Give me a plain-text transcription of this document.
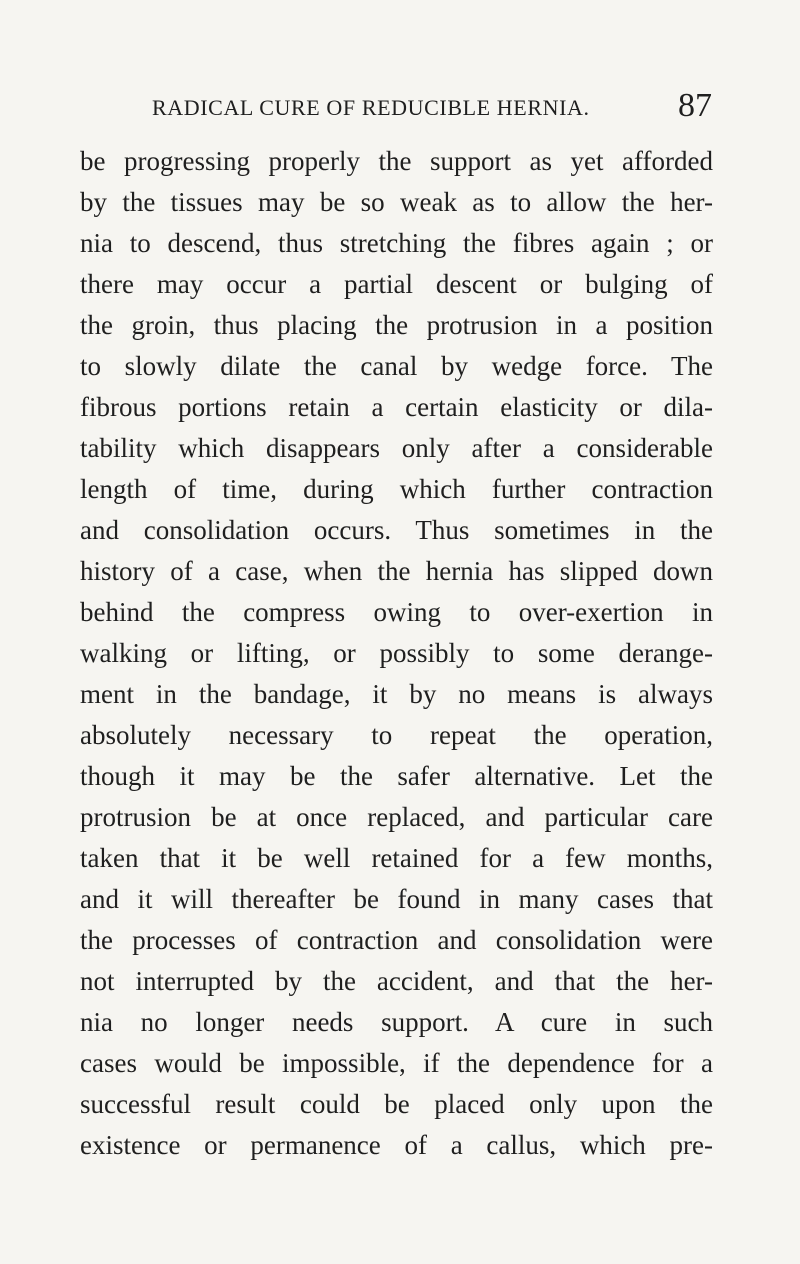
RADICAL CURE OF REDUCIBLE HERNIA.	87
be progressing properly the support as yet afforded
by the tissues may be so weak as to allow the her-
nia to descend, thus stretching the fibres again ; or
there may occur a partial descent or bulging of
the groin, thus placing the protrusion in a position
to slowly dilate the canal by wedge force. The
fibrous portions retain a certain elasticity or dila-
tability which disappears only after a considerable
length of time, during which further contraction
and consolidation occurs. Thus sometimes in the
history of a case, when the hernia has slipped down
behind the compress owing to over-exertion in
walking or lifting, or possibly to some derange-
ment in the bandage, it by no means is always
absolutely necessary to repeat the operation,
though it may be the safer alternative. Let the
protrusion be at once replaced, and particular care
taken that it be well retained for a few months,
and it will thereafter be found in many cases that
the processes of contraction and consolidation were
not interrupted by the accident, and that the her-
nia no longer needs support. A cure in such
cases would be impossible, if the dependence for a
successful result could be placed only upon the
existence or permanence of a callus, which pre-
